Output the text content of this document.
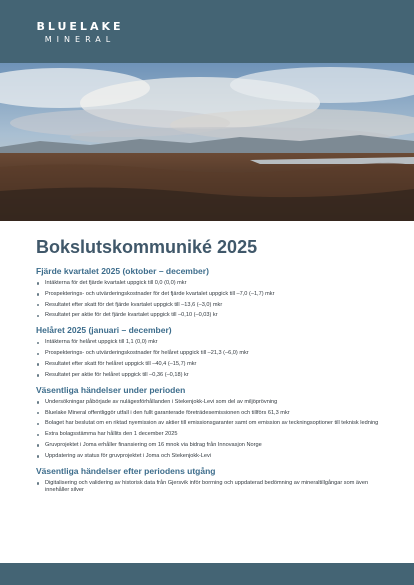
BLUELAKE
MINERAL
Bokslutskommuniké 2025
Fjärde kvartalet 2025 (oktober – december)
Intäkterna för det fjärde kvartalet uppgick till 0,0 (0,0) mkr
Prospekterings- och utvärderingskostnader för det fjärde kvartalet uppgick till –7,0 (–1,7) mkr
Resultatet efter skatt för det fjärde kvartalet uppgick till –13,6 (–3,0) mkr
Resultatet per aktie för det fjärde kvartalet uppgick till –0,10 (–0,03) kr
Helåret 2025 (januari – december)
Intäkterna för helåret uppgick till 1,1 (0,0) mkr
Prospekterings- och utvärderingskostnader för helåret uppgick till –21,3 (–6,0) mkr
Resultatet efter skatt för helåret uppgick till –40,4 (–15,7) mkr
Resultatet per aktie för helåret uppgick till –0,36 (–0,18) kr
Väsentliga händelser under perioden
Undersökningar påbörjade av nulägesförhållanden i Stekenjokk-Levi som del av miljöprövning
Bluelake Mineral offentliggör utfall i den fullt garanterade företrädesemissionen och tillförs 61,3 mkr
Bolaget har beslutat om en riktad nyemission av aktier till emissionsgaranter samt om emission av teckningsoptioner till teknisk ledning
Extra bolagsstämma har hållits den 1 december 2025
Gruvprojektet i Joma erhåller finansiering om 16 mnok via bidrag från Innovasjon Norge
Uppdatering av status för gruvprojektet i Joma och Stekenjokk-Levi
Väsentliga händelser efter periodens utgång
Digitalisering och validering av historisk data från Gjersvik inför borrning och uppdaterad bedömning av mineraltillgångar som även innehåller silver
